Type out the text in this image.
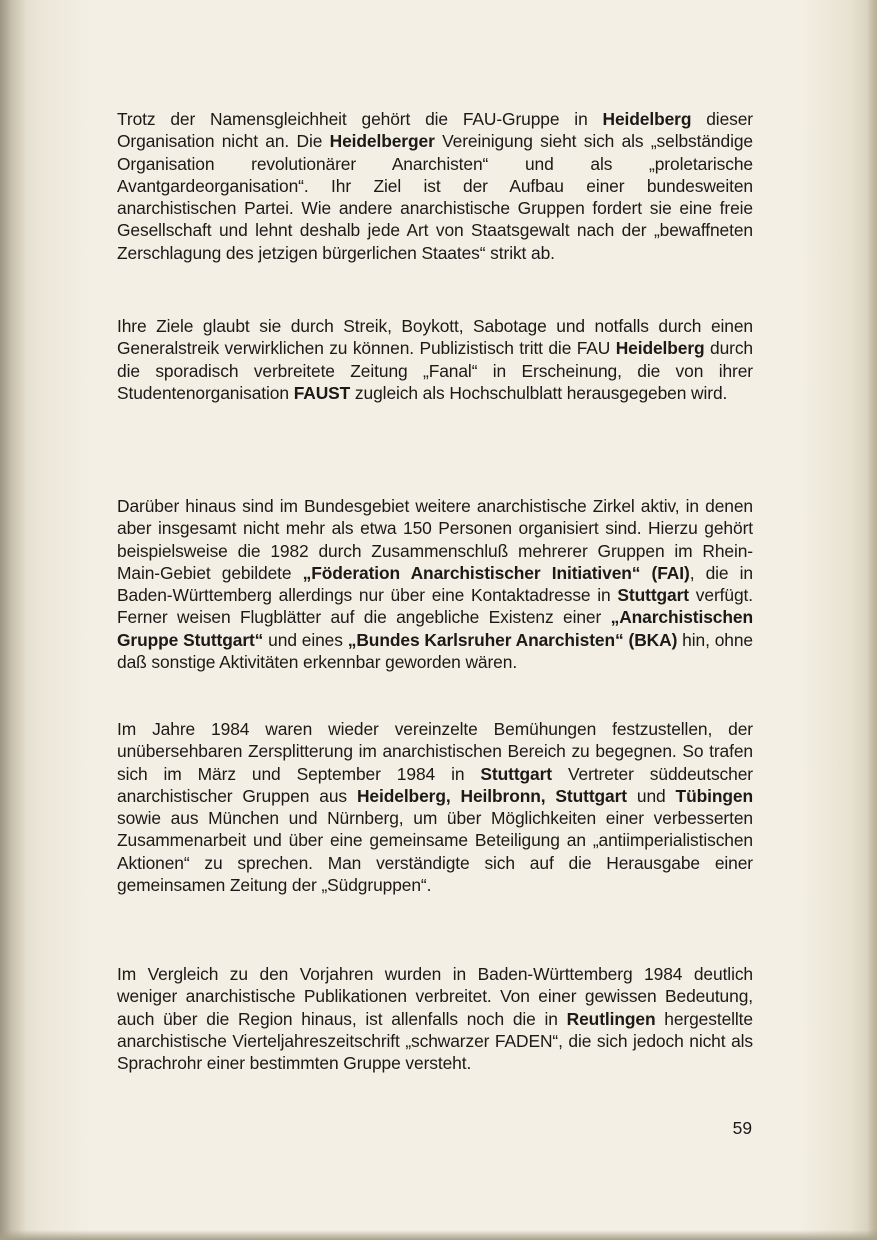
Trotz der Namensgleichheit gehört die FAU-Gruppe in Heidelberg dieser Organisation nicht an. Die Heidelberger Vereinigung sieht sich als „selbständige Organisation revolutionärer Anarchisten“ und als „proletarische Avantgardeorganisation“. Ihr Ziel ist der Aufbau einer bundesweiten anarchistischen Partei. Wie andere anarchistische Gruppen fordert sie eine freie Gesellschaft und lehnt deshalb jede Art von Staatsgewalt nach der „bewaffneten Zerschlagung des jetzigen bürgerlichen Staates“ strikt ab.
Ihre Ziele glaubt sie durch Streik, Boykott, Sabotage und notfalls durch einen Generalstreik verwirklichen zu können. Publizistisch tritt die FAU Heidelberg durch die sporadisch verbreitete Zeitung „Fanal“ in Erscheinung, die von ihrer Studentenorganisation FAUST zugleich als Hochschulblatt herausgegeben wird.
Darüber hinaus sind im Bundesgebiet weitere anarchistische Zirkel aktiv, in denen aber insgesamt nicht mehr als etwa 150 Personen organisiert sind. Hierzu gehört beispielsweise die 1982 durch Zusammenschluß mehrerer Gruppen im Rhein-Main-Gebiet gebildete „Föderation Anarchistischer Initiativen“ (FAI), die in Baden-Württemberg allerdings nur über eine Kontaktadresse in Stuttgart verfügt. Ferner weisen Flugblätter auf die angebliche Existenz einer „Anarchistischen Gruppe Stuttgart“ und eines „Bundes Karlsruher Anarchisten“ (BKA) hin, ohne daß sonstige Aktivitäten erkennbar geworden wären.
Im Jahre 1984 waren wieder vereinzelte Bemühungen festzustellen, der unübersehbaren Zersplitterung im anarchistischen Bereich zu begegnen. So trafen sich im März und September 1984 in Stuttgart Vertreter süddeutscher anarchistischer Gruppen aus Heidelberg, Heilbronn, Stuttgart und Tübingen sowie aus München und Nürnberg, um über Möglichkeiten einer verbesserten Zusammenarbeit und über eine gemeinsame Beteiligung an „antiimperialistischen Aktionen“ zu sprechen. Man verständigte sich auf die Herausgabe einer gemeinsamen Zeitung der „Südgruppen“.
Im Vergleich zu den Vorjahren wurden in Baden-Württemberg 1984 deutlich weniger anarchistische Publikationen verbreitet. Von einer gewissen Bedeutung, auch über die Region hinaus, ist allenfalls noch die in Reutlingen hergestellte anarchistische Vierteljahreszeitschrift „schwarzer FADEN“, die sich jedoch nicht als Sprachrohr einer bestimmten Gruppe versteht.
59
